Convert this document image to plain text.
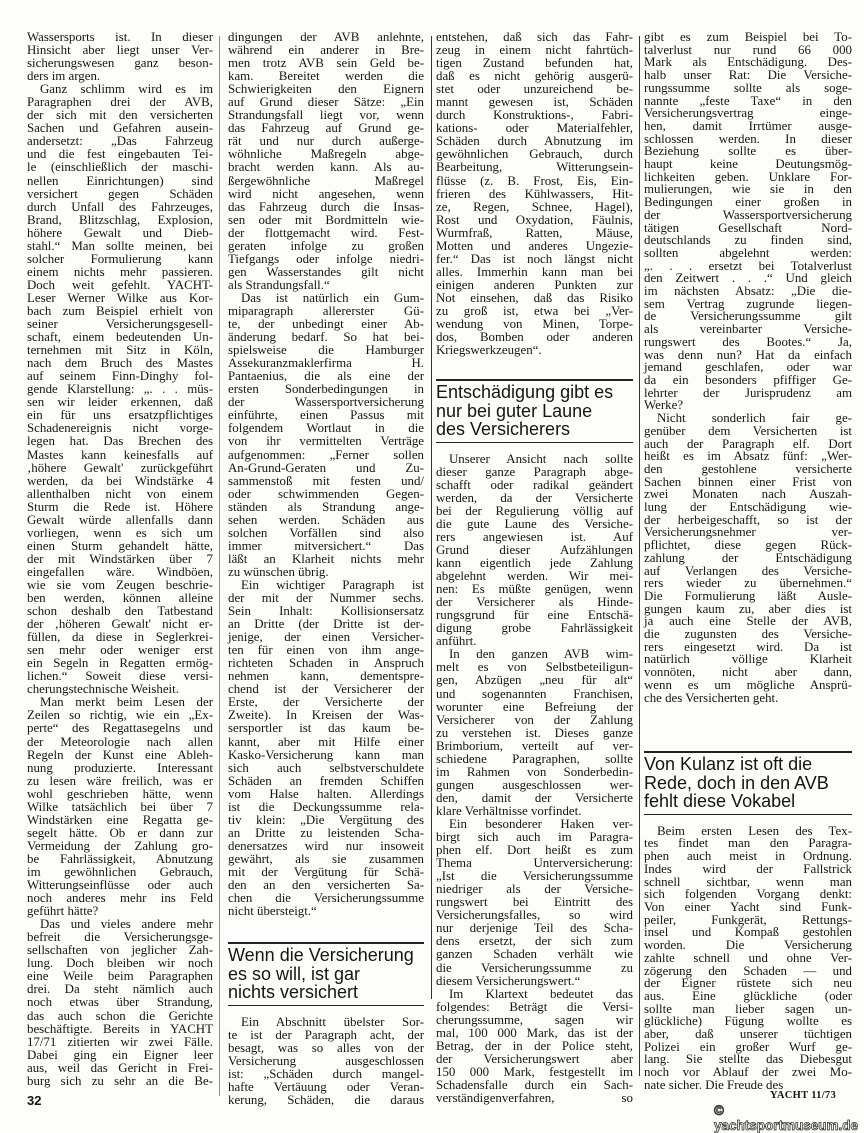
Wassersports ist. In dieser
Hinsicht aber liegt unser Ver-
sicherungswesen ganz beson-
ders im argen.
Ganz schlimm wird es im
Paragraphen drei der AVB,
der sich mit den versicherten
Sachen und Gefahren ausein-
andersetzt: „Das Fahrzeug
und die fest eingebauten Tei-
le (einschließlich der maschi-
nellen Einrichtungen) sind
versichert gegen Schäden
durch Unfall des Fahrzeuges,
Brand, Blitzschlag, Explosion,
höhere Gewalt und Dieb-
stahl.“ Man sollte meinen, bei
solcher Formulierung kann
einem nichts mehr passieren.
Doch weit gefehlt. YACHT-
Leser Werner Wilke aus Kor-
bach zum Beispiel erhielt von
seiner Versicherungsgesell-
schaft, einem bedeutenden Un-
ternehmen mit Sitz in Köln,
nach dem Bruch des Mastes
auf seinem Finn-Dinghy fol-
gende Klarstellung: „. . . müs-
sen wir leider erkennen, daß
ein für uns ersatzpflichtiges
Schadenereignis nicht vorge-
legen hat. Das Brechen des
Mastes kann keinesfalls auf
‚höhere Gewalt' zurückgeführt
werden, da bei Windstärke 4
allenthalben nicht von einem
Sturm die Rede ist. Höhere
Gewalt würde allenfalls dann
vorliegen, wenn es sich um
einen Sturm gehandelt hätte,
der mit Windstärken über 7
eingefallen wäre. Windböen,
wie sie vom Zeugen beschrie-
ben werden, können alleine
schon deshalb den Tatbestand
der ‚höheren Gewalt' nicht er-
füllen, da diese in Seglerkrei-
sen mehr oder weniger erst
ein Segeln in Regatten ermög-
lichen.“ Soweit diese versi-
cherungstechnische Weisheit.
Man merkt beim Lesen der
Zeilen so richtig, wie ein „Ex-
perte“ des Regattasegelns und
der Meteorologie nach allen
Regeln der Kunst eine Ableh-
nung produzierte. Interessant
zu lesen wäre freilich, was er
wohl geschrieben hätte, wenn
Wilke tatsächlich bei über 7
Windstärken eine Regatta ge-
segelt hätte. Ob er dann zur
Vermeidung der Zahlung gro-
be Fahrlässigkeit, Abnutzung
im gewöhnlichen Gebrauch,
Witterungseinflüsse oder auch
noch anderes mehr ins Feld
geführt hätte?
Das und vieles andere mehr
befreit die Versicherungsge-
sellschaften von jeglicher Zah-
lung. Doch bleiben wir noch
eine Weile beim Paragraphen
drei. Da steht nämlich auch
noch etwas über Strandung,
das auch schon die Gerichte
beschäftigte. Bereits in YACHT
17/71 zitierten wir zwei Fälle.
Dabei ging ein Eigner leer
aus, weil das Gericht in Frei-
burg sich zu sehr an die Be-
dingungen der AVB anlehnte,
während ein anderer in Bre-
men trotz AVB sein Geld be-
kam. Bereitet werden die
Schwierigkeiten den Eignern
auf Grund dieser Sätze: „Ein
Strandungsfall liegt vor, wenn
das Fahrzeug auf Grund ge-
rät und nur durch außerge-
wöhnliche Maßregeln abge-
bracht werden kann. Als au-
ßergewöhnliche Maßregel
wird nicht angesehen, wenn
das Fahrzeug durch die Insas-
sen oder mit Bordmitteln wie-
der flottgemacht wird. Fest-
geraten infolge zu großen
Tiefgangs oder infolge niedri-
gen Wasserstandes gilt nicht
als Strandungsfall.“
Das ist natürlich ein Gum-
miparagraph allererster Gü-
te, der unbedingt einer Ab-
änderung bedarf. So hat bei-
spielsweise die Hamburger
Assekuranzmaklerfirma H.
Pantaenius, die als eine der
ersten Sonderbedingungen in
der Wassersportversicherung
einführte, einen Passus mit
folgendem Wortlaut in die
von ihr vermittelten Verträge
aufgenommen: „Ferner sollen
An-Grund-Geraten und Zu-
sammenstoß mit festen und/
oder schwimmenden Gegen-
ständen als Strandung ange-
sehen werden. Schäden aus
solchen Vorfällen sind also
immer mitversichert.“ Das
läßt an Klarheit nichts mehr
zu wünschen übrig.
Ein wichtiger Paragraph ist
der mit der Nummer sechs.
Sein Inhalt: Kollisionsersatz
an Dritte (der Dritte ist der-
jenige, der einen Versicher-
ten für einen von ihm ange-
richteten Schaden in Anspruch
nehmen kann, dementspre-
chend ist der Versicherer der
Erste, der Versicherte der
Zweite). In Kreisen der Was-
sersportler ist das kaum be-
kannt, aber mit Hilfe einer
Kasko-Versicherung kann man
sich auch selbstverschuldete
Schäden an fremden Schiffen
vom Halse halten. Allerdings
ist die Deckungssumme rela-
tiv klein: „Die Vergütung des
an Dritte zu leistenden Scha-
denersatzes wird nur insoweit
gewährt, als sie zusammen
mit der Vergütung für Schä-
den an den versicherten Sa-
chen die Versicherungssumme
nicht übersteigt.“
Wenn die Versicherung
es so will, ist gar
nichts versichert
Ein Abschnitt übelster Sor-
te ist der Paragraph acht, der
besagt, was so alles von der
Versicherung ausgeschlossen
ist: „Schäden durch mangel-
hafte Vertäuung oder Veran-
kerung, Schäden, die daraus
entstehen, daß sich das Fahr-
zeug in einem nicht fahrtüch-
tigen Zustand befunden hat,
daß es nicht gehörig ausgerü-
stet oder unzureichend be-
mannt gewesen ist, Schäden
durch Konstruktions-, Fabri-
kations- oder Materialfehler,
Schäden durch Abnutzung im
gewöhnlichen Gebrauch, durch
Bearbeitung, Witterungsein-
flüsse (z. B. Frost, Eis, Ein-
frieren des Kühlwassers, Hit-
ze, Regen, Schnee, Hagel),
Rost und Oxydation, Fäulnis,
Wurmfraß, Ratten, Mäuse,
Motten und anderes Ungezie-
fer.“ Das ist noch längst nicht
alles. Immerhin kann man bei
einigen anderen Punkten zur
Not einsehen, daß das Risiko
zu groß ist, etwa bei „Ver-
wendung von Minen, Torpe-
dos, Bomben oder anderen
Kriegswerkzeugen“.
Entschädigung gibt es
nur bei guter Laune
des Versicherers
Unserer Ansicht nach sollte
dieser ganze Paragraph abge-
schafft oder radikal geändert
werden, da der Versicherte
bei der Regulierung völlig auf
die gute Laune des Versiche-
rers angewiesen ist. Auf
Grund dieser Aufzählungen
kann eigentlich jede Zahlung
abgelehnt werden. Wir mei-
nen: Es müßte genügen, wenn
der Versicherer als Hinde-
rungsgrund für eine Entschä-
digung grobe Fahrlässigkeit
anführt.
In den ganzen AVB wim-
melt es von Selbstbeteiligun-
gen, Abzügen „neu für alt“
und sogenannten Franchisen,
worunter eine Befreiung der
Versicherer von der Zahlung
zu verstehen ist. Dieses ganze
Brimborium, verteilt auf ver-
schiedene Paragraphen, sollte
im Rahmen von Sonderbedin-
gungen ausgeschlossen wer-
den, damit der Versicherte
klare Verhältnisse vorfindet.
Ein besonderer Haken ver-
birgt sich auch im Paragra-
phen elf. Dort heißt es zum
Thema Unterversicherung:
„Ist die Versicherungssumme
niedriger als der Versiche-
rungswert bei Eintritt des
Versicherungsfalles, so wird
nur derjenige Teil des Scha-
dens ersetzt, der sich zum
ganzen Schaden verhält wie
die Versicherungssumme zu
diesem Versicherungswert.“
Im Klartext bedeutet das
folgendes: Beträgt die Versi-
cherungssumme, sagen wir
mal, 100 000 Mark, das ist der
Betrag, der in der Police steht,
der Versicherungswert aber
150 000 Mark, festgestellt im
Schadensfalle durch ein Sach-
verständigenverfahren, so
gibt es zum Beispiel bei To-
talverlust nur rund 66 000
Mark als Entschädigung. Des-
halb unser Rat: Die Versiche-
rungssumme sollte als soge-
nannte „feste Taxe“ in den
Versicherungsvertrag einge-
hen, damit Irrtümer ausge-
schlossen werden. In dieser
Beziehung sollte es über-
haupt keine Deutungsmög-
lichkeiten geben. Unklare For-
mulierungen, wie sie in den
Bedingungen einer großen in
der Wassersportversicherung
tätigen Gesellschaft Nord-
deutschlands zu finden sind,
sollten abgelehnt werden:
„. . . ersetzt bei Totalverlust
den Zeitwert . . .“ Und gleich
im nächsten Absatz: „Die die-
sem Vertrag zugrunde liegen-
de Versicherungssumme gilt
als vereinbarter Versiche-
rungswert des Bootes.“ Ja,
was denn nun? Hat da einfach
jemand geschlafen, oder war
da ein besonders pfiffiger Ge-
lehrter der Jurisprudenz am
Werke?
Nicht sonderlich fair ge-
genüber dem Versicherten ist
auch der Paragraph elf. Dort
heißt es im Absatz fünf: „Wer-
den gestohlene versicherte
Sachen binnen einer Frist von
zwei Monaten nach Auszah-
lung der Entschädigung wie-
der herbeigeschafft, so ist der
Versicherungsnehmer ver-
pflichtet, diese gegen Rück-
zahlung der Entschädigung
auf Verlangen des Versiche-
rers wieder zu übernehmen.“
Die Formulierung läßt Ausle-
gungen kaum zu, aber dies ist
ja auch eine Stelle der AVB,
die zugunsten des Versiche-
rers eingesetzt wird. Da ist
natürlich völlige Klarheit
vonnöten, nicht aber dann,
wenn es um mögliche Ansprü-
che des Versicherten geht.
Von Kulanz ist oft die
Rede, doch in den AVB
fehlt diese Vokabel
Beim ersten Lesen des Tex-
tes findet man den Paragra-
phen auch meist in Ordnung.
Indes wird der Fallstrick
schnell sichtbar, wenn man
sich folgenden Vorgang denkt:
Von einer Yacht sind Funk-
peiler, Funkgerät, Rettungs-
insel und Kompaß gestohlen
worden. Die Versicherung
zahlte schnell und ohne Ver-
zögerung den Schaden — und
der Eigner rüstete sich neu
aus. Eine glückliche (oder
sollte man lieber sagen un-
glückliche) Fügung wollte es
aber, daß unserer tüchtigen
Polizei ein großer Wurf ge-
lang. Sie stellte das Diebesgut
noch vor Ablauf der zwei Mo-
nate sicher. Die Freude des
32	YACHT 11/73
© yachtsportmuseum.de
